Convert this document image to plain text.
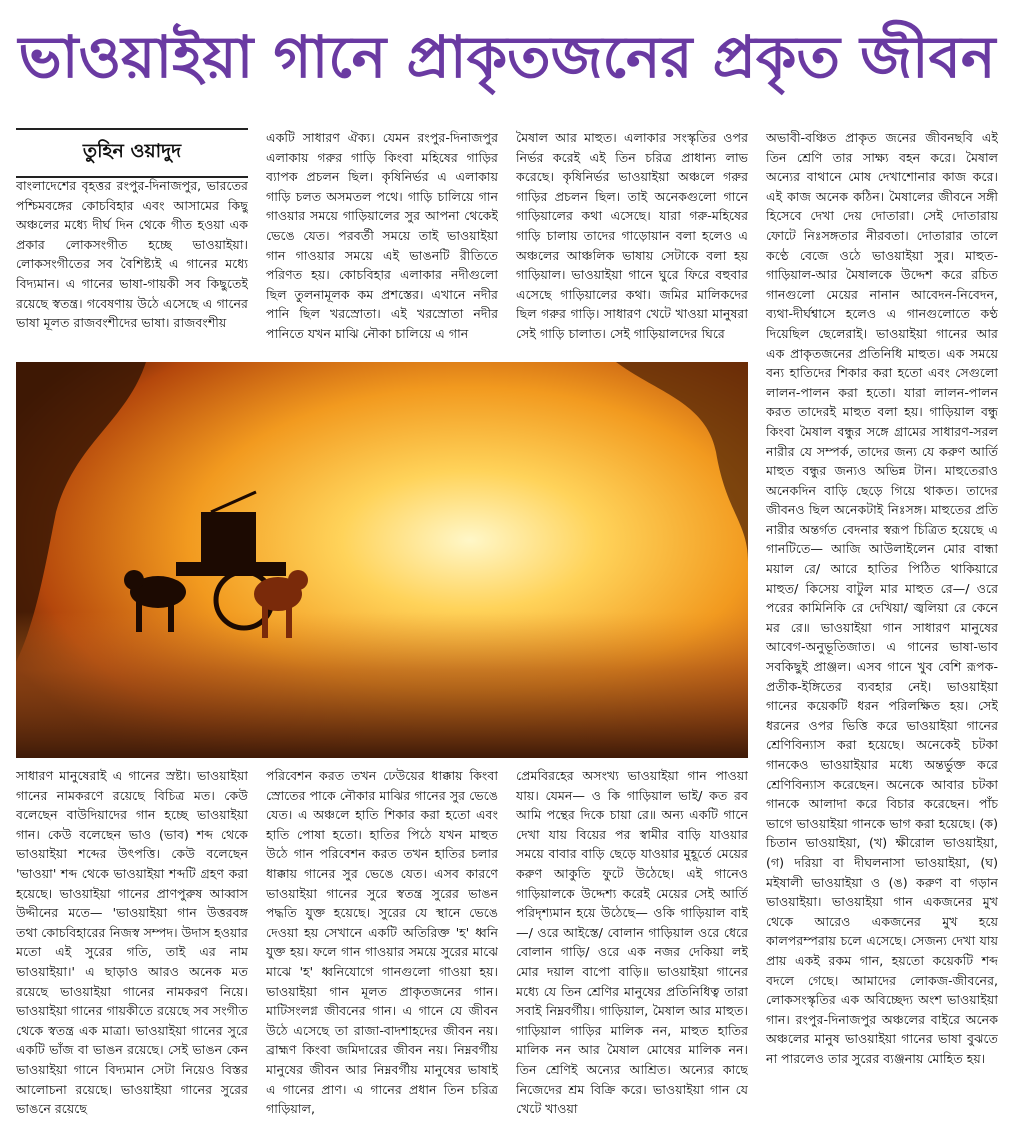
ভাওয়াইয়া গানে প্রাকৃতজনের প্রকৃত জীবন
তুহিন ওয়াদুদ

বাংলাদেশের বৃহত্তর রংপুর-দিনাজপুর, ভারতের পশ্চিমবঙ্গের কোচবিহার এবং আসামের কিছু অঞ্চলের মধ্যে দীর্ঘ দিন থেকে গীত হওয়া এক প্রকার লোকসংগীত হচ্ছে ভাওয়াইয়া। লোকসংগীতের সব বৈশিষ্ট্যই এ গানের মধ্যে বিদ্যমান। এ গানের ভাষা-গায়কী সব কিছুতেই রয়েছে স্বতন্ত্র। গবেষণায় উঠে এসেছে এ গানের ভাষা মূলত রাজবংশীদের ভাষা। রাজবংশীয়

একটি সাধারণ ঐক্য। যেমন রংপুর-দিনাজপুর এলাকায় গরুর গাড়ি কিংবা মহিষের গাড়ির ব্যাপক প্রচলন ছিল। কৃষিনির্ভর এ এলাকায় গাড়ি চলত অসমতল পথে। গাড়ি চালিয়ে গান গাওয়ার সময়ে গাড়িয়ালের সুর আপনা থেকেই ভেঙে যেত। পরবর্তী সময়ে তাই ভাওয়াইয়া গান গাওয়ার সময়ে এই ভাঙনটি রীতিতে পরিণত হয়। কোচবিহার এলাকার নদীগুলো ছিল তুলনামূলক কম প্রশস্তের। এখানে নদীর পানি ছিল খরস্রোতা। এই খরস্রোতা নদীর পানিতে যখন মাঝি নৌকা চালিয়ে এ গান

মৈষাল আর মাহুত। এলাকার সংস্কৃতির ওপর নির্ভর করেই এই তিন চরিত্র প্রাধান্য লাভ করেছে। কৃষিনির্ভর ভাওয়াইয়া অঞ্চলে গরুর গাড়ির প্রচলন ছিল। তাই অনেকগুলো গানে গাড়িয়ালের কথা এসেছে। যারা গরু-মহিষের গাড়ি চালায় তাদের গাড়োয়ান বলা হলেও এ অঞ্চলের আঞ্চলিক ভাষায় সেটাকে বলা হয় গাড়িয়াল। ভাওয়াইয়া গানে ঘুরে ফিরে বহুবার এসেছে গাড়িয়ালের কথা। জমির মালিকদের ছিল গরুর গাড়ি। সাধারণ খেটে খাওয়া মানুষরা সেই গাড়ি চালাত। সেই গাড়িয়ালদের ঘিরে

অভাবী-বঞ্চিত প্রাকৃত জনের জীবনছবি এই তিন শ্রেণি তার সাক্ষ্য বহন করে। মৈষাল অন্যের বাথানে মোষ দেখাশোনার কাজ করে। এই কাজ অনেক কঠিন। মৈষালের জীবনে সঙ্গী হিসেবে দেখা দেয় দোতারা। সেই দোতারায় ফোটে নিঃসঙ্গতার নীরবতা। দোতারার তালে কণ্ঠে বেজে ওঠে ভাওয়াইয়া সুর। মাহুত-গাড়িয়াল-আর মৈষালকে উদ্দেশ করে রচিত গানগুলো মেয়ের নানান আবেদন-নিবেদন, ব্যথা-দীর্ঘশ্বাসে হলেও এ গানগুলোতে কণ্ঠ দিয়েছিল ছেলেরাই। ভাওয়াইয়া গানের আর এক প্রাকৃতজনের প্রতিনিধি মাহুত। এক সময়ে বন্য হাতিদের শিকার করা হতো এবং সেগুলো লালন-পালন করা হতো। যারা লালন-পালন করত তাদেরই মাহুত বলা হয়। গাড়িয়াল বন্ধু কিংবা মৈষাল বন্ধুর সঙ্গে গ্রামের সাধারণ-সরল নারীর যে সম্পর্ক, তাদের জন্য যে করুণ আর্তি মাহুত বন্ধুর জন্যও অভিন্ন টান। মাহুতেরাও অনেকদিন বাড়ি ছেড়ে গিয়ে থাকত। তাদের জীবনও ছিল অনেকটাই নিঃসঙ্গ। মাহুতের প্রতি নারীর অন্তর্গত বেদনার স্বরূপ চিত্রিত হয়েছে এ গানটিতে— আজি আউলাইলেন মোর বান্ধা ময়াল রে/ আরে হাতির পিঠিত থাকিয়ারে মাহুত/ কিসেয় বাটুল মার মাহুত রে—/ ওরে পরের কামিনিকি রে দেখিয়া/ জ্বলিয়া রে কেনে মর রে॥ ভাওয়াইয়া গান সাধারণ মানুষের আবেগ-অনুভূতিজাত। এ গানের ভাষা-ভাব সবকিছুই প্রাঞ্জল। এসব গানে খুব বেশি রূপক-প্রতীক-ইঙ্গিতের ব্যবহার নেই। ভাওয়াইয়া গানের কয়েকটি ধরন পরিলক্ষিত হয়। সেই ধরনের ওপর ভিত্তি করে ভাওয়াইয়া গানের শ্রেণিবিন্যাস করা হয়েছে। অনেকেই চটকা গানকেও ভাওয়াইয়ার মধ্যে অন্তর্ভুক্ত করে শ্রেণিবিন্যাস করেছেন। অনেকে আবার চটকা গানকে আলাদা করে বিচার করেছেন। পাঁচ ভাগে ভাওয়াইয়া গানকে ভাগ করা হয়েছে। (ক) চিতান ভাওয়াইয়া, (খ) ক্ষীরোল ভাওয়াইয়া, (গ) দরিয়া বা দীঘলনাসা ভাওয়াইয়া, (ঘ) মইষালী ভাওয়াইয়া ও (ঙ) করুণ বা গড়ান ভাওয়াইয়া। ভাওয়াইয়া গান একজনের মুখ থেকে আরেও একজনের মুখ হয়ে কালপরম্পরায় চলে এসেছে। সেজন্য দেখা যায় প্রায় একই রকম গান, হয়তো কয়েকটি শব্দ বদলে গেছে। আমাদের লোকজ-জীবনের, লোকসংস্কৃতির এক অবিচ্ছেদ্য অংশ ভাওয়াইয়া গান। রংপুর-দিনাজপুর অঞ্চলের বাইরে অনেক অঞ্চলের মানুষ ভাওয়াইয়া গানের ভাষা বুঝতে না পারলেও তার সুরের ব্যঞ্জনায় মোহিত হয়।

সাধারণ মানুষেরাই এ গানের স্রষ্টা। ভাওয়াইয়া গানের নামকরণে রয়েছে বিচিত্র মত। কেউ বলেছেন বাউদিয়াদের গান হচ্ছে ভাওয়াইয়া গান। কেউ বলেছেন ভাও (ভাব) শব্দ থেকে ভাওয়াইয়া শব্দের উৎপত্তি। কেউ বলেছেন 'ভাওয়া' শব্দ থেকে ভাওয়াইয়া শব্দটি গ্রহণ করা হয়েছে। ভাওয়াইয়া গানের প্রাণপুরুষ আব্বাস উদ্দীনের মতে— 'ভাওয়াইয়া গান উত্তরবঙ্গ তথা কোচবিহারের নিজস্ব সম্পদ। উদাস হওয়ার মতো এই সুরের গতি, তাই এর নাম ভাওয়াইয়া।' এ ছাড়াও আরও অনেক মত রয়েছে ভাওয়াইয়া গানের নামকরণ নিয়ে। ভাওয়াইয়া গানের গায়কীতে রয়েছে সব সংগীত থেকে স্বতন্ত্র এক মাত্রা। ভাওয়াইয়া গানের সুরে একটি ভাঁজ বা ভাঙন রয়েছে। সেই ভাঙন কেন ভাওয়াইয়া গানে বিদ্যমান সেটা নিয়েও বিস্তর আলোচনা রয়েছে। ভাওয়াইয়া গানের সুরের ভাঙনে রয়েছে

পরিবেশন করত তখন ঢেউয়ের ধাক্কায় কিংবা স্রোতের পাকে নৌকার মাঝির গানের সুর ভেঙে যেত। এ অঞ্চলে হাতি শিকার করা হতো এবং হাতি পোষা হতো। হাতির পিঠে যখন মাহুত উঠে গান পরিবেশন করত তখন হাতির চলার ধাক্কায় গানের সুর ভেঙে যেত। এসব কারণে ভাওয়াইয়া গানের সুরে স্বতন্ত্র সুরের ভাঙন পদ্ধতি যুক্ত হয়েছে। সুরের যে স্থানে ভেঙে দেওয়া হয় সেখানে একটি অতিরিক্ত 'হ' ধ্বনি যুক্ত হয়। ফলে গান গাওয়ার সময়ে সুরের মাঝে মাঝে 'হ' ধ্বনিযোগে গানগুলো গাওয়া হয়। ভাওয়াইয়া গান মূলত প্রাকৃতজনের গান। মাটিসংলগ্ন জীবনের গান। এ গানে যে জীবন উঠে এসেছে তা রাজা-বাদশাহদের জীবন নয়। ব্রাহ্মণ কিংবা জমিদারের জীবন নয়। নিম্নবর্গীয় মানুষের জীবন আর নিম্নবর্গীয় মানুষের ভাষাই এ গানের প্রাণ। এ গানের প্রধান তিন চরিত্র গাড়িয়াল,

প্রেমবিরহের অসংখ্য ভাওয়াইয়া গান পাওয়া যায়। যেমন— ও কি গাড়িয়াল ভাই/ কত রব আমি পন্থের দিকে চায়া রে॥ অন্য একটি গানে দেখা যায় বিয়ের পর স্বামীর বাড়ি যাওয়ার সময়ে বাবার বাড়ি ছেড়ে যাওয়ার মুহূর্তে মেয়ের করুণ আকুতি ফুটে উঠেছে। এই গানেও গাড়িয়ালকে উদ্দেশ্য করেই মেয়ের সেই আর্তি পরিদৃশ্যমান হয়ে উঠেছে— ওকি গাড়িয়াল বাই—/ ওরে আইস্তে/ বোলান গাড়িয়াল ওরে ধেরে বোলান গাড়ি/ ওরে এক নজর দেকিয়া লই মোর দয়াল বাপো বাড়ি॥ ভাওয়াইয়া গানের মধ্যে যে তিন শ্রেণির মানুষের প্রতিনিধিত্ব তারা সবাই নিম্নবর্গীয়। গাড়িয়াল, মৈষাল আর মাহুত। গাড়িয়াল গাড়ির মালিক নন, মাহুত হাতির মালিক নন আর মৈষাল মোষের মালিক নন। তিন শ্রেণিই অন্যের আশ্রিত। অন্যের কাছে নিজেদের শ্রম বিক্রি করে। ভাওয়াইয়া গান যে খেটে খাওয়া
